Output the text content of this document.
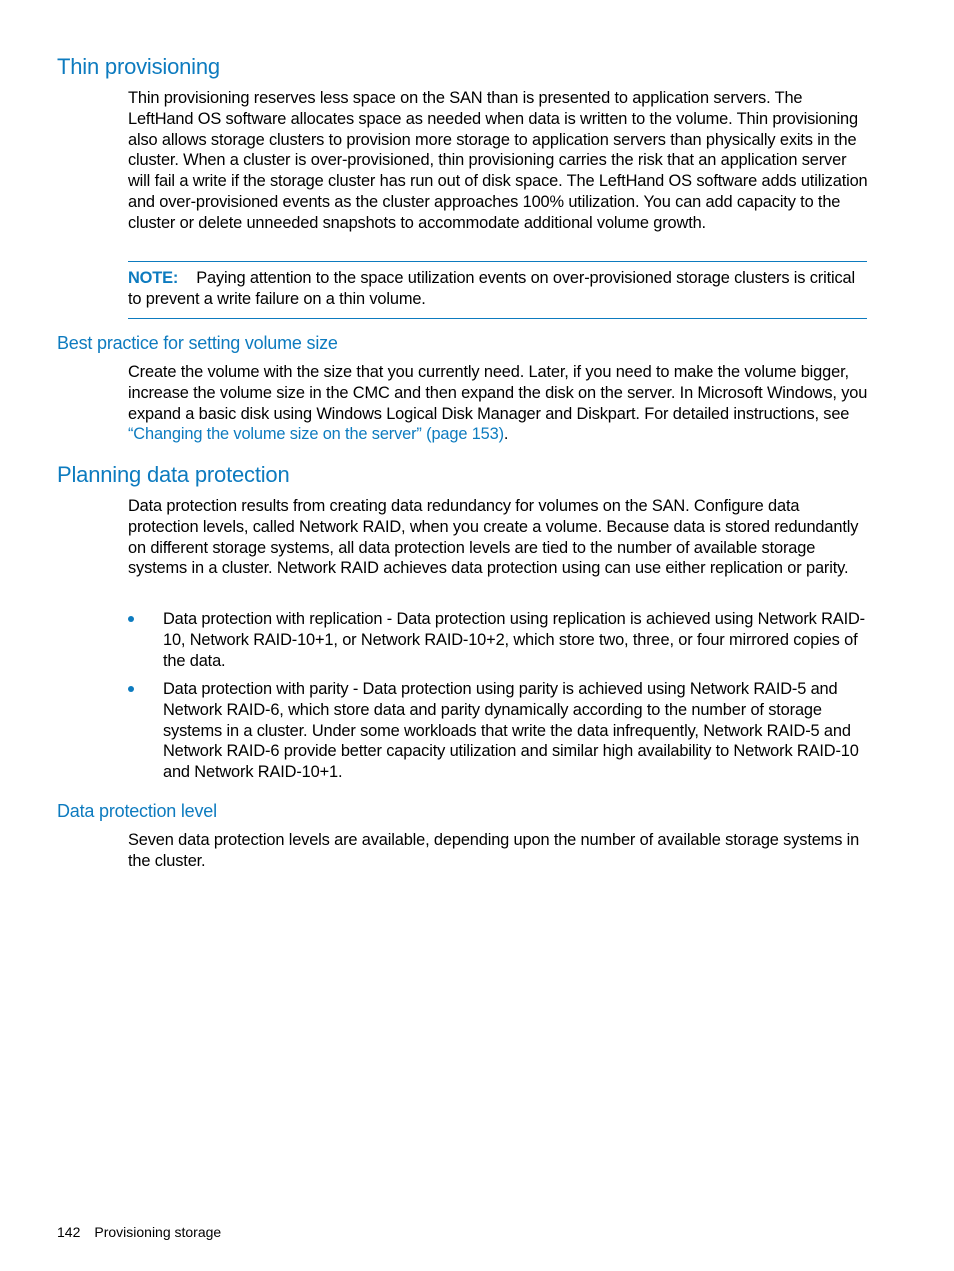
Thin provisioning

Thin provisioning reserves less space on the SAN than is presented to application servers. The LeftHand OS software allocates space as needed when data is written to the volume. Thin provisioning also allows storage clusters to provision more storage to application servers than physically exits in the cluster. When a cluster is over-provisioned, thin provisioning carries the risk that an application server will fail a write if the storage cluster has run out of disk space. The LeftHand OS software adds utilization and over-provisioned events as the cluster approaches 100% utilization. You can add capacity to the cluster or delete unneeded snapshots to accommodate additional volume growth.

NOTE: Paying attention to the space utilization events on over-provisioned storage clusters is critical to prevent a write failure on a thin volume.

Best practice for setting volume size

Create the volume with the size that you currently need. Later, if you need to make the volume bigger, increase the volume size in the CMC and then expand the disk on the server. In Microsoft Windows, you expand a basic disk using Windows Logical Disk Manager and Diskpart. For detailed instructions, see “Changing the volume size on the server” (page 153).

Planning data protection

Data protection results from creating data redundancy for volumes on the SAN. Configure data protection levels, called Network RAID, when you create a volume. Because data is stored redundantly on different storage systems, all data protection levels are tied to the number of available storage systems in a cluster. Network RAID achieves data protection using can use either replication or parity.

Data protection with replication - Data protection using replication is achieved using Network RAID-10, Network RAID-10+1, or Network RAID-10+2, which store two, three, or four mirrored copies of the data.

Data protection with parity - Data protection using parity is achieved using Network RAID-5 and Network RAID-6, which store data and parity dynamically according to the number of storage systems in a cluster. Under some workloads that write the data infrequently, Network RAID-5 and Network RAID-6 provide better capacity utilization and similar high availability to Network RAID-10 and Network RAID-10+1.

Data protection level

Seven data protection levels are available, depending upon the number of available storage systems in the cluster.

142 Provisioning storage
